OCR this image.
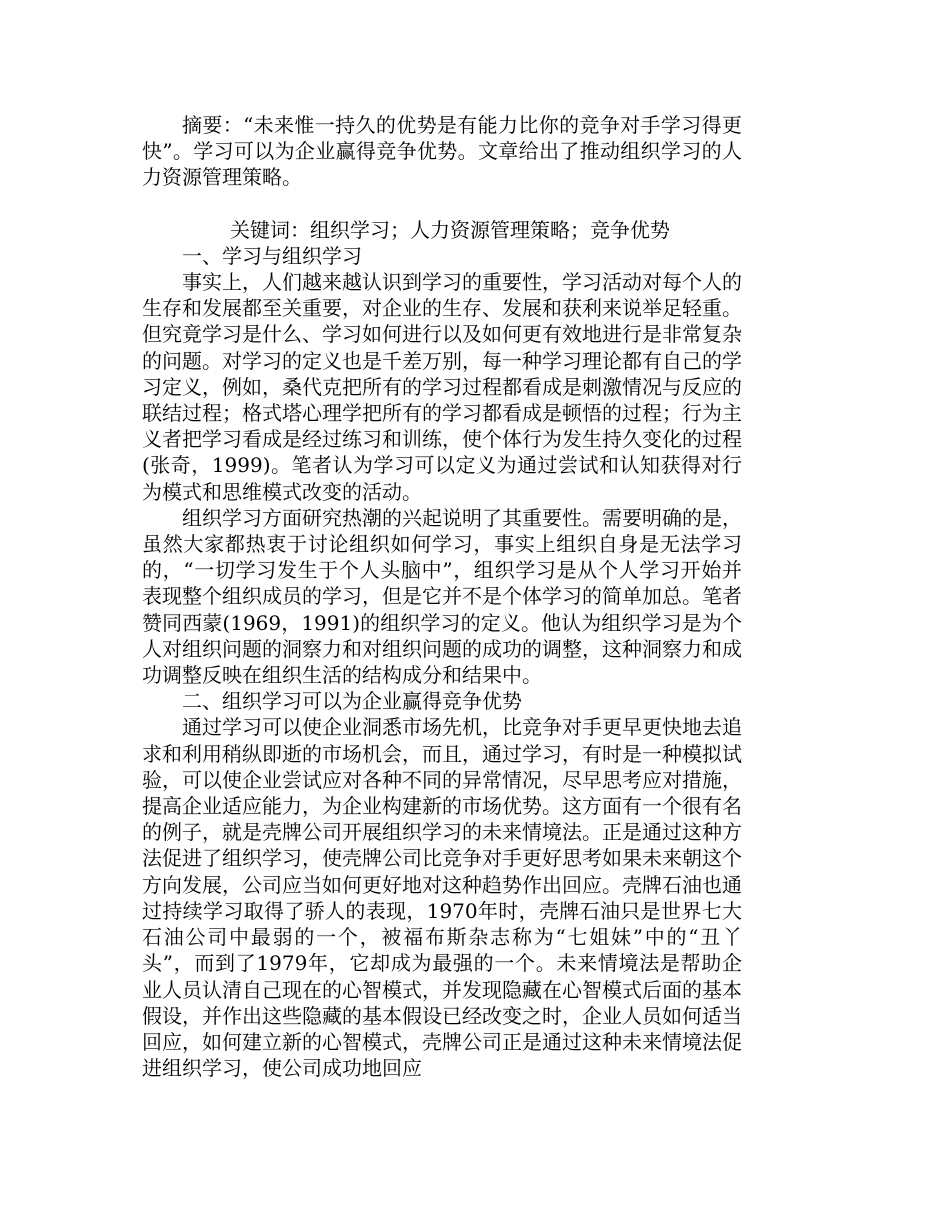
摘要：“未来惟一持久的优势是有能力比你的竞争对手学习得更快”。学习可以为企业赢得竞争优势。文章给出了推动组织学习的人力资源管理策略。

关键词：组织学习；人力资源管理策略；竞争优势

一、学习与组织学习

事实上，人们越来越认识到学习的重要性，学习活动对每个人的生存和发展都至关重要，对企业的生存、发展和获利来说举足轻重。但究竟学习是什么、学习如何进行以及如何更有效地进行是非常复杂的问题。对学习的定义也是千差万别，每一种学习理论都有自己的学习定义，例如，桑代克把所有的学习过程都看成是刺激情况与反应的联结过程；格式塔心理学把所有的学习都看成是顿悟的过程；行为主义者把学习看成是经过练习和训练，使个体行为发生持久变化的过程(张奇，1999)。笔者认为学习可以定义为通过尝试和认知获得对行为模式和思维模式改变的活动。

组织学习方面研究热潮的兴起说明了其重要性。需要明确的是，虽然大家都热衷于讨论组织如何学习，事实上组织自身是无法学习的，“一切学习发生于个人头脑中”，组织学习是从个人学习开始并表现整个组织成员的学习，但是它并不是个体学习的简单加总。笔者赞同西蒙(1969，1991)的组织学习的定义。他认为组织学习是为个人对组织问题的洞察力和对组织问题的成功的调整，这种洞察力和成功调整反映在组织生活的结构成分和结果中。

二、组织学习可以为企业赢得竞争优势

通过学习可以使企业洞悉市场先机，比竞争对手更早更快地去追求和利用稍纵即逝的市场机会，而且，通过学习，有时是一种模拟试验，可以使企业尝试应对各种不同的异常情况，尽早思考应对措施，提高企业适应能力，为企业构建新的市场优势。这方面有一个很有名的例子，就是壳牌公司开展组织学习的未来情境法。正是通过这种方法促进了组织学习，使壳牌公司比竞争对手更好思考如果未来朝这个方向发展，公司应当如何更好地对这种趋势作出回应。壳牌石油也通过持续学习取得了骄人的表现，1970年时，壳牌石油只是世界七大石油公司中最弱的一个，被福布斯杂志称为“七姐妹”中的“丑丫头”，而到了1979年，它却成为最强的一个。未来情境法是帮助企业人员认清自己现在的心智模式，并发现隐藏在心智模式后面的基本假设，并作出这些隐藏的基本假设已经改变之时，企业人员如何适当回应，如何建立新的心智模式，壳牌公司正是通过这种未来情境法促进组织学习，使公司成功地回应
